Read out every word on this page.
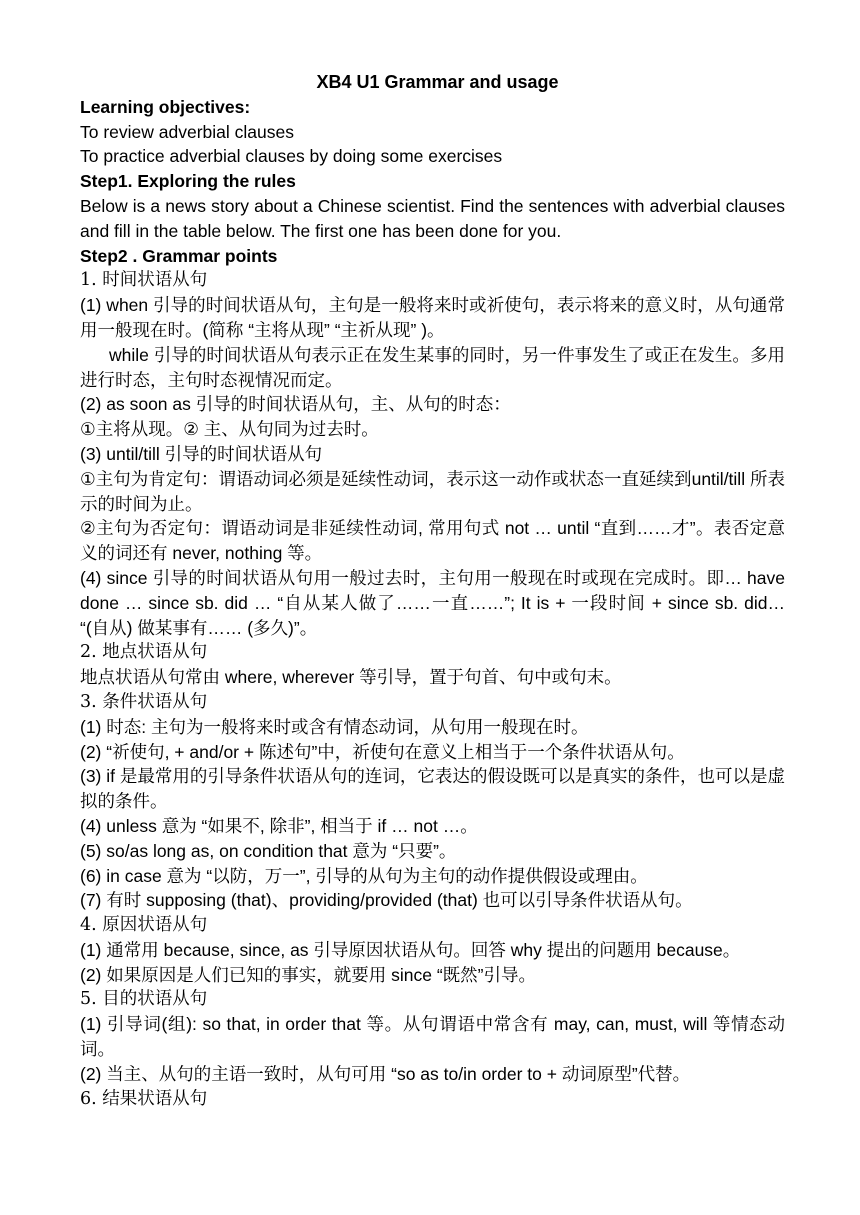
XB4 U1 Grammar and usage
Learning objectives:
To review adverbial clauses
To practice adverbial clauses by doing some exercises
Step1. Exploring the rules
Below is a news story about a Chinese scientist. Find the sentences with adverbial clauses and fill in the table below. The first one has been done for you.
Step2 . Grammar points
1. 时间状语从句
(1) when 引导的时间状语从句，主句是一般将来时或祈使句，表示将来的意义时，从句通常用一般现在时。(简称 “主将从现” “主祈从现” )。
while 引导的时间状语从句表示正在发生某事的同时，另一件事发生了或正在发生。多用进行时态，主句时态视情况而定。
(2) as soon as 引导的时间状语从句，主、从句的时态：
①主将从现。② 主、从句同为过去时。
(3) until/till 引导的时间状语从句
①主句为肯定句：谓语动词必须是延续性动词，表示这一动作或状态一直延续到until/till 所表示的时间为止。
②主句为否定句：谓语动词是非延续性动词, 常用句式 not … until “直到……才”。表否定意义的词还有 never, nothing 等。
(4) since 引导的时间状语从句用一般过去时，主句用一般现在时或现在完成时。即… have done … since sb. did … “自从某人做了……一直……”; It is + 一段时间 + since sb. did… “(自从) 做某事有…… (多久)”。
2. 地点状语从句
地点状语从句常由 where, wherever 等引导，置于句首、句中或句末。
3. 条件状语从句
(1) 时态: 主句为一般将来时或含有情态动词，从句用一般现在时。
(2) “祈使句, + and/or + 陈述句”中，祈使句在意义上相当于一个条件状语从句。
(3) if 是最常用的引导条件状语从句的连词，它表达的假设既可以是真实的条件，也可以是虚拟的条件。
(4) unless 意为 “如果不, 除非”, 相当于 if … not …。
(5) so/as long as, on condition that 意为 “只要”。
(6) in case 意为 “以防，万一”, 引导的从句为主句的动作提供假设或理由。
(7) 有时 supposing (that)、providing/provided (that) 也可以引导条件状语从句。
4. 原因状语从句
(1) 通常用 because, since, as 引导原因状语从句。回答 why 提出的问题用 because。
(2) 如果原因是人们已知的事实，就要用 since “既然”引导。
5. 目的状语从句
(1) 引导词(组): so that, in order that 等。从句谓语中常含有 may, can, must, will 等情态动词。
(2) 当主、从句的主语一致时，从句可用 “so as to/in order to + 动词原型”代替。
6. 结果状语从句
